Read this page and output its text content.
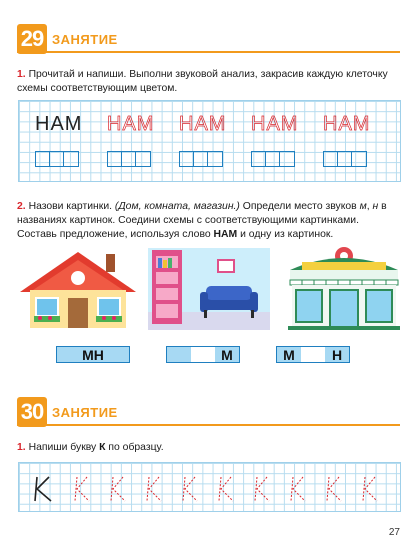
29 ЗАНЯТИЕ
1. Прочитай и напиши. Выполни звуковой анализ, закрасив каждую клеточку схемы соответствующим цветом.
НАМ НАМ НАМ НАМ НАМ
2. Назови картинки. (Дом, комната, магазин.) Определи место звуков м, н в названиях картинок. Соедини схемы с соответствующими картинками. Составь предложение, используя слово НАМ и одну из картинок.
МН	М	М	Н
30 ЗАНЯТИЕ
1. Напиши букву К по образцу.
27
